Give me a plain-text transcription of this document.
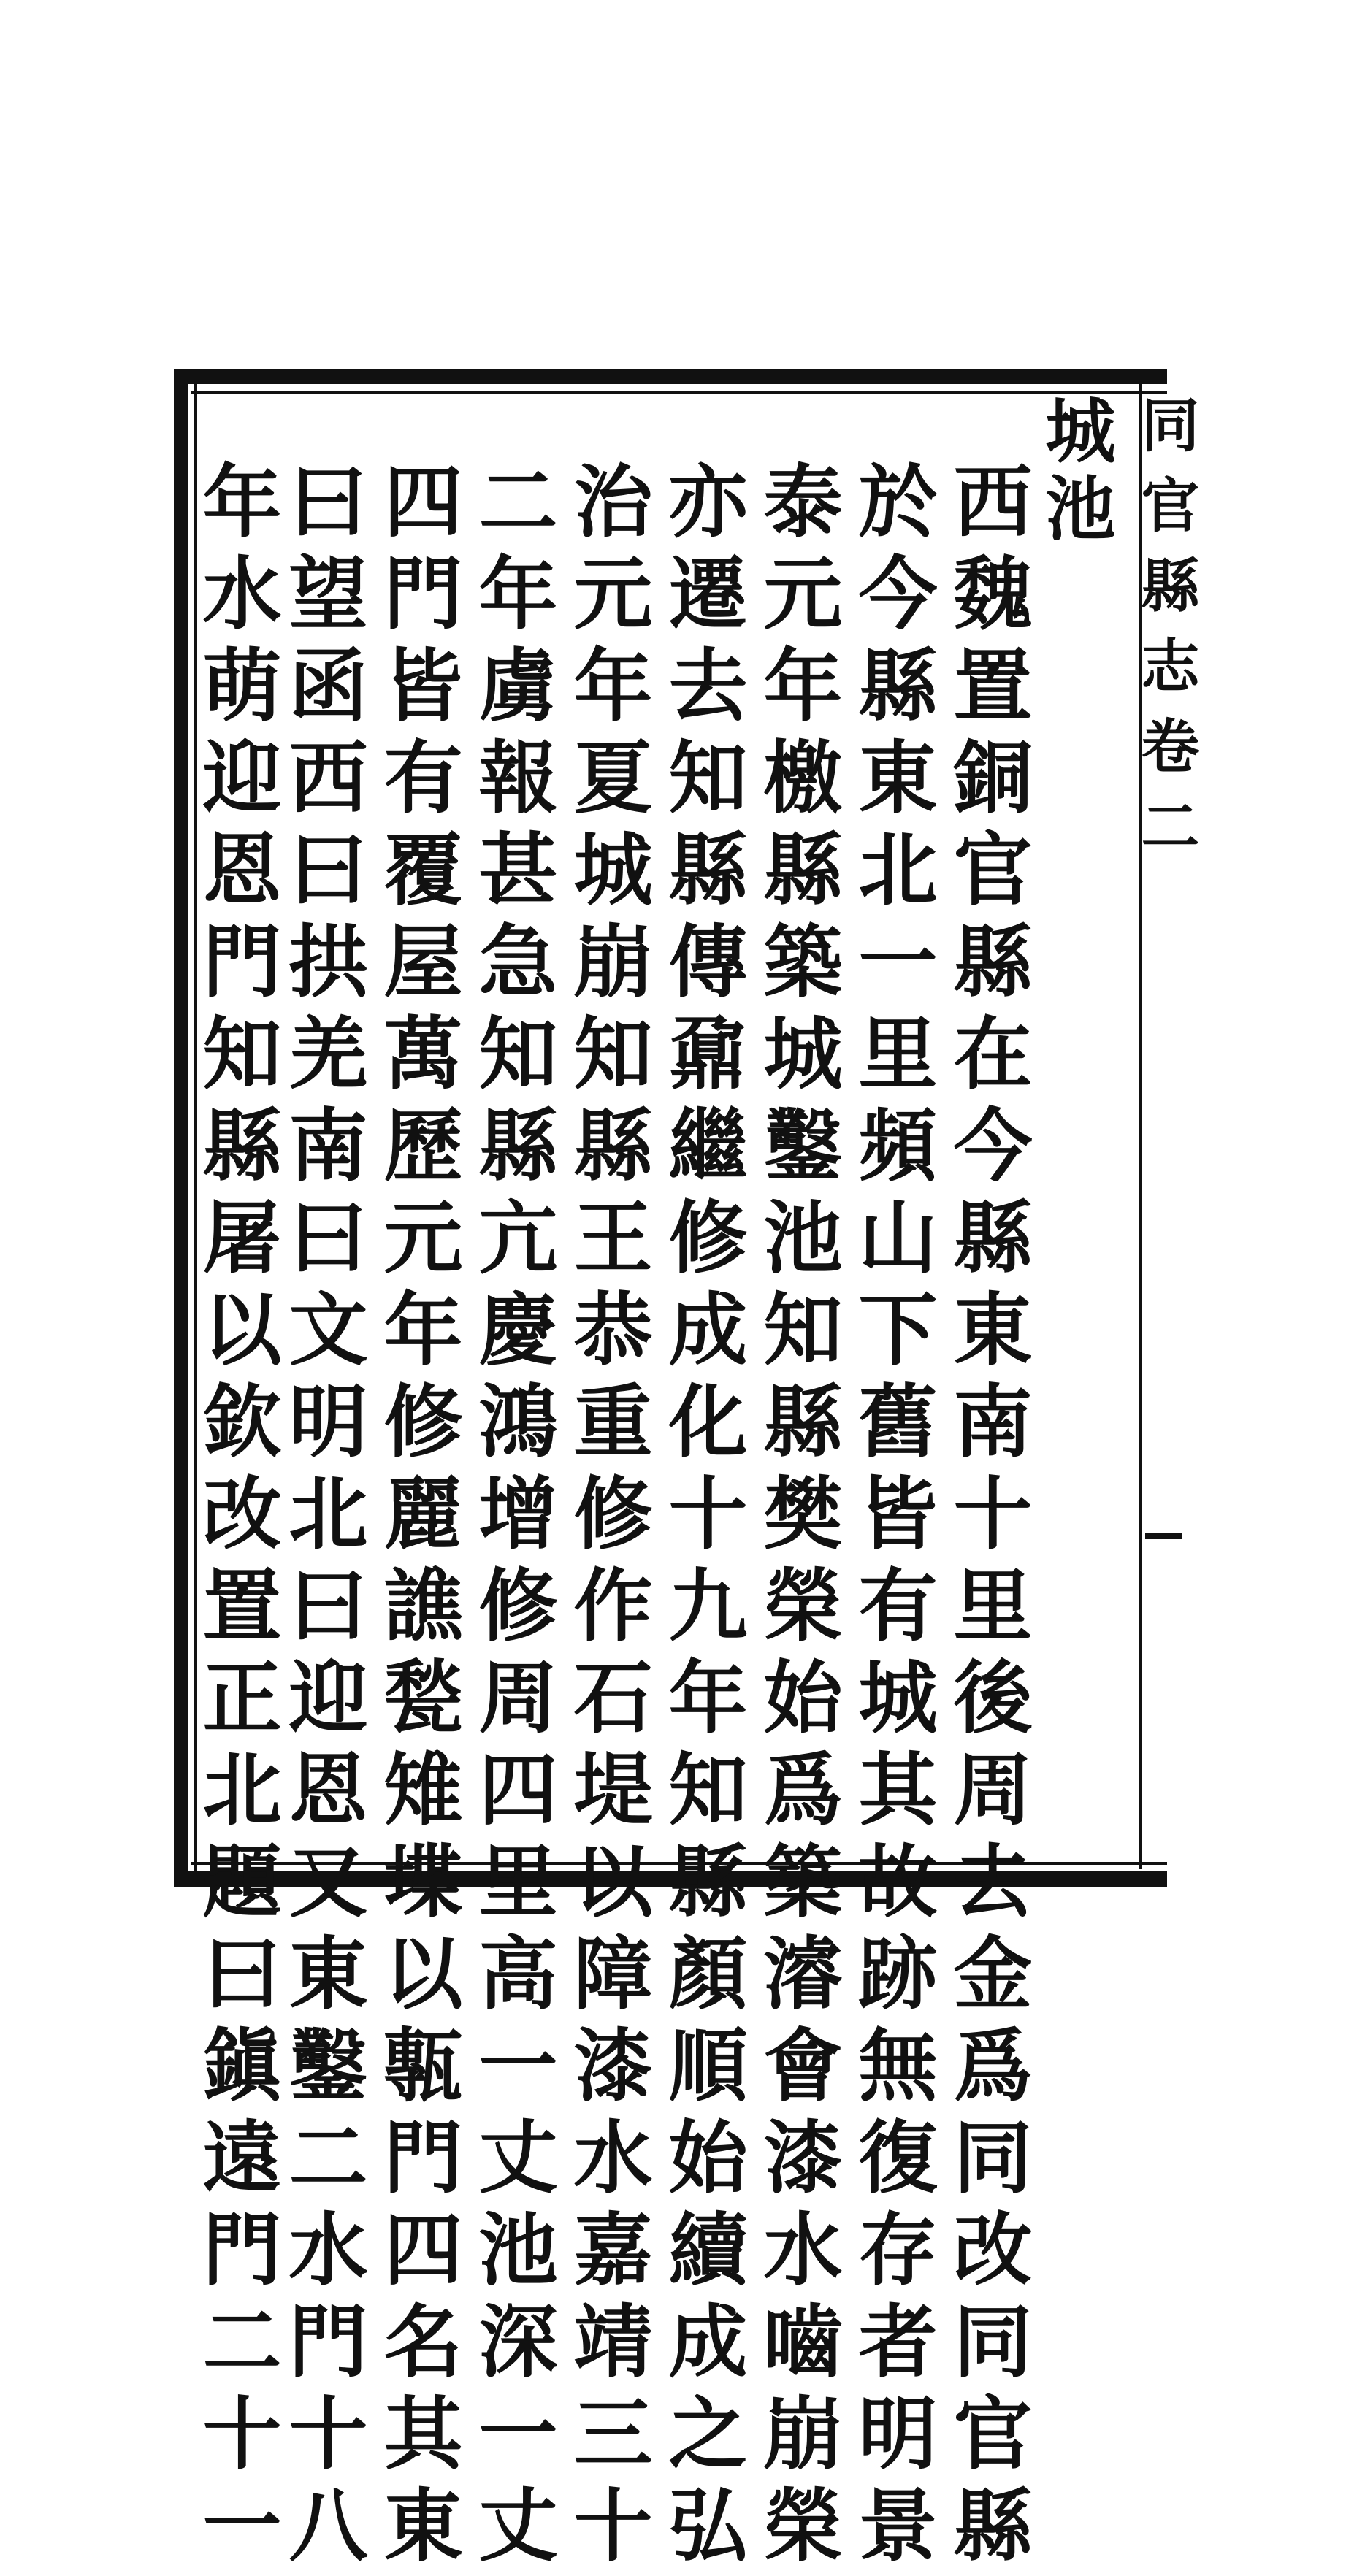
同官縣志卷二
城池
西魏置銅官縣在今縣東南十里後周去金爲同改同官縣
於今縣東北一里頻山下舊皆有城其故跡無復存者明景
泰元年檄縣築城鑿池知縣樊榮始爲築濬會漆水嚙崩榮
亦遷去知縣傳鼐繼修成化十九年知縣顏順始續成之弘
治元年夏城崩知縣王恭重修作石堤以障漆水嘉靖三十
二年虜報甚急知縣亢慶鴻增修周四里高一丈池深一丈
四門皆有覆屋萬歷元年修麗譙甃雉堞以甎門四名其東
曰望函西曰拱羌南曰文明北曰迎恩又東鑿二水門十八
年水萌迎恩門知縣屠以欽改置正北題曰鎭遠門二十一
